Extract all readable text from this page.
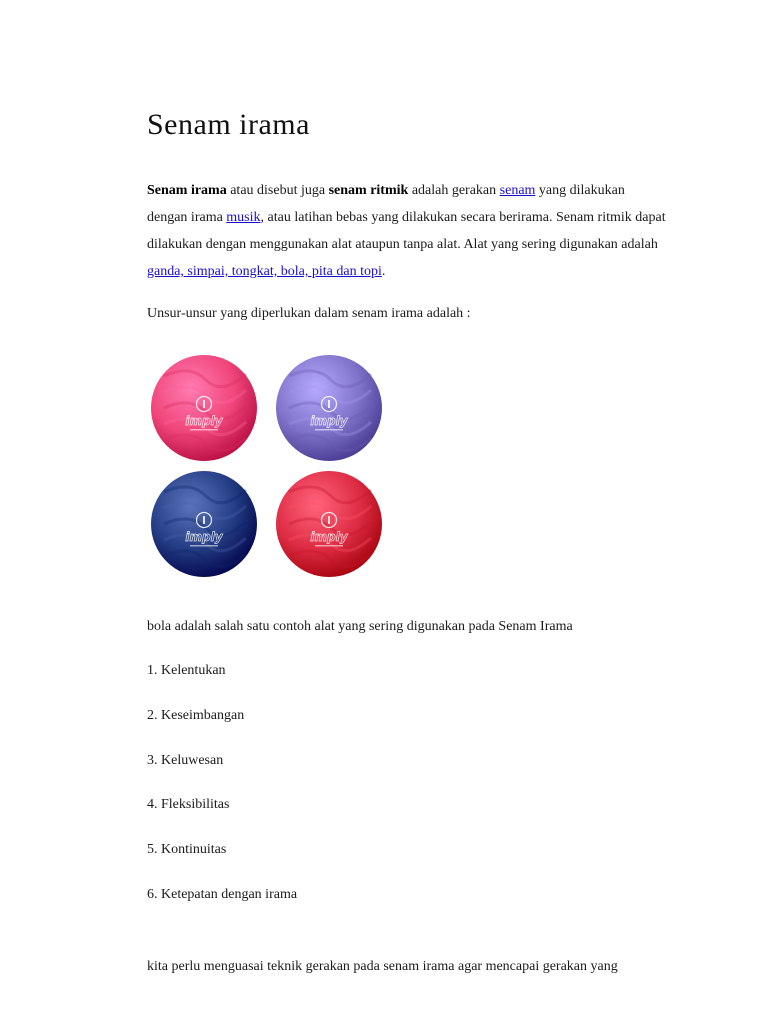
Senam irama

Senam irama atau disebut juga senam ritmik adalah gerakan senam yang dilakukan dengan irama musik, atau latihan bebas yang dilakukan secara berirama. Senam ritmik dapat dilakukan dengan menggunakan alat ataupun tanpa alat. Alat yang sering digunakan adalah ganda, simpai, tongkat, bola, pita dan topi.

Unsur-unsur yang diperlukan dalam senam irama adalah :

imply	imply
imply	imply

bola adalah salah satu contoh alat yang sering digunakan pada Senam Irama

1. Kelentukan

2. Keseimbangan

3. Keluwesan

4. Fleksibilitas

5. Kontinuitas

6. Ketepatan dengan irama

kita perlu menguasai teknik gerakan pada senam irama agar mencapai gerakan yang
